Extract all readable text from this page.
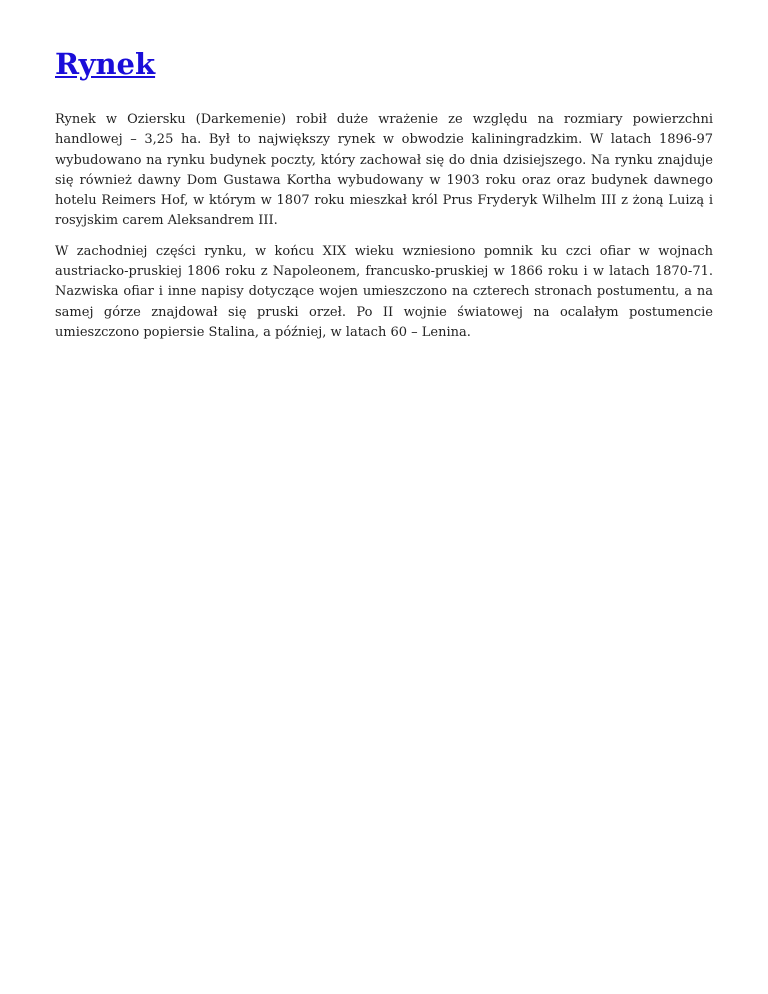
Rynek

Rynek w Oziersku (Darkemenie) robił duże wrażenie ze względu na rozmiary powierzchni handlowej – 3,25 ha. Był to największy rynek w obwodzie kaliningradzkim. W latach 1896-97 wybudowano na rynku budynek poczty, który zachował się do dnia dzisiejszego. Na rynku znajduje się również dawny Dom Gustawa Kortha wybudowany w 1903 roku oraz oraz budynek dawnego hotelu Reimers Hof, w którym w 1807 roku mieszkał król Prus Fryderyk Wilhelm III z żoną Luizą i rosyjskim carem Aleksandrem III.

W zachodniej części rynku, w końcu XIX wieku wzniesiono pomnik ku czci ofiar w wojnach austriacko-pruskiej 1806 roku z Napoleonem, francusko-pruskiej w 1866 roku i w latach 1870-71. Nazwiska ofiar i inne napisy dotyczące wojen umieszczono na czterech stronach postumentu, a na samej górze znajdował się pruski orzeł. Po II wojnie światowej na ocalałym postumencie umieszczono popiersie Stalina, a później, w latach 60 – Lenina.
